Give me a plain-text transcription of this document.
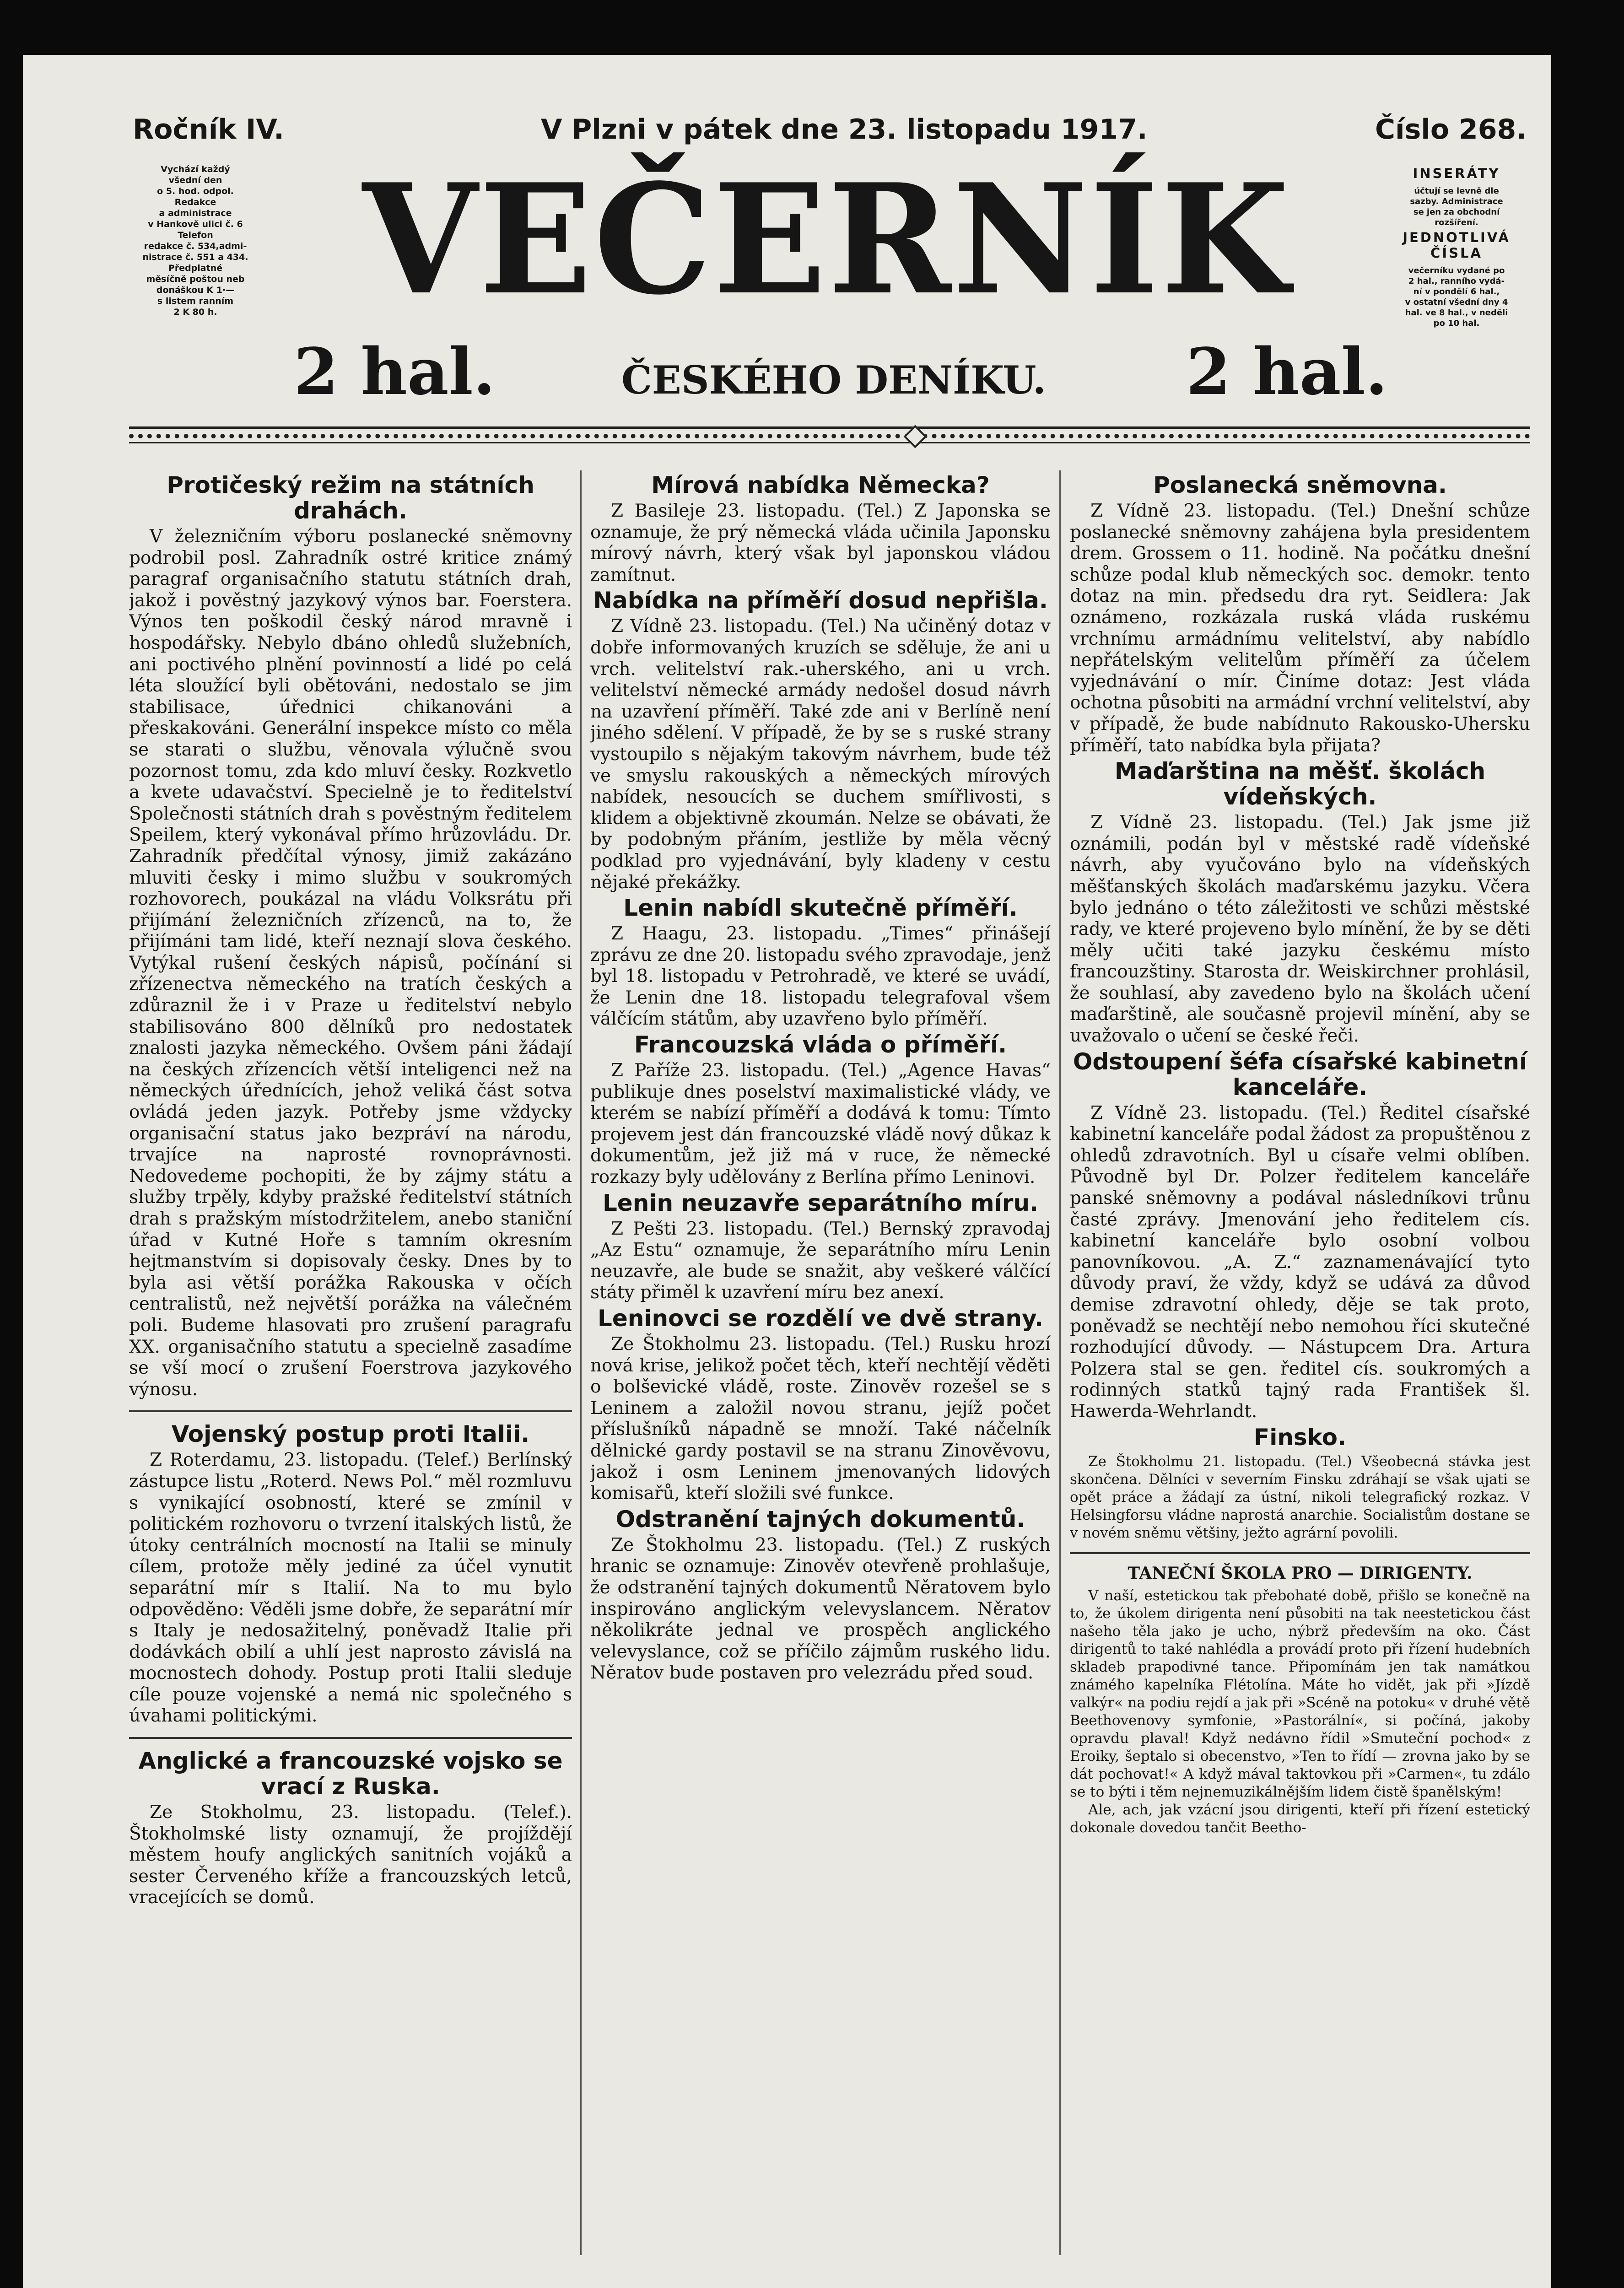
Ročník IV.	V Plzni v pátek dne 23. listopadu 1917.	Číslo 268.

Vychází každý

všední den

o 5. hod. odpol.

Redakce

a administrace

v Hankově ulici č. 6

Telefon

redakce č. 534,admi-

nistrace č. 551 a 434.

Předplatné

měsíčně poštou neb

donáškou K 1·—

s listem ranním

2 K 80 h. VEČERNÍK	INSERÁTY

účtují se levně dle

sazby. Administrace

se jen za obchodní

rozšíření.

JEDNOTLIVÁ ČÍSLA

večerníku vydané po

2 hal., ranního vydá-

ní v pondělí 6 hal.,

v ostatní všední dny 4

hal. ve 8 hal., v neděli

po 10 hal.

2 hal.	ČESKÉHO DENÍKU.	2 hal.
Protičeský režim na státních drahách.

V železničním výboru poslanecké sněmovny podrobil posl. Zahradník ostré kritice známý paragraf organisačního statutu státních drah, jakož i pověstný jazykový výnos bar. Foerstera. Výnos ten poškodil český národ mravně i hospodářsky. Nebylo dbáno ohledů služebních, ani poctivého plnění povinností a lidé po celá léta sloužící byli obětováni, nedostalo se jim stabilisace, úřednici chikanováni a přeskakováni. Generální inspekce místo co měla se starati o službu, věnovala výlučně svou pozornost tomu, zda kdo mluví česky. Rozkvetlo a kvete udavačství. Specielně je to ředitelství Společnosti státních drah s pověstným ředitelem Speilem, který vykonával přímo hrůzovládu. Dr. Zahradník předčítal výnosy, jimiž zakázáno mluviti česky i mimo službu v soukromých rozhovorech, poukázal na vládu Volksrátu při přijímání železničních zřízenců, na to, že přijímáni tam lidé, kteří neznají slova českého. Vytýkal rušení českých nápisů, počínání si zřízenectva německého na tratích českých a zdůraznil že i v Praze u ředitelství nebylo stabilisováno 800 dělníků pro nedostatek znalosti jazyka německého. Ovšem páni žádají na českých zřízencích větší inteligenci než na německých úřednících, jehož veliká část sotva ovládá jeden jazyk. Potřeby jsme vždycky organisační status jako bezpráví na národu, trvajíce na naprosté rovnoprávnosti. Nedovedeme pochopiti, že by zájmy státu a služby trpěly, kdyby pražské ředitelství státních drah s pražským místodržitelem, anebo staniční úřad v Kutné Hoře s tamním okresním hejtmanstvím si dopisovaly česky. Dnes by to byla asi větší porážka Rakouska v očích centralistů, než největší porážka na válečném poli. Budeme hlasovati pro zrušení paragrafu XX. organisačního statutu a specielně zasadíme se vší mocí o zrušení Foerstrova jazykového výnosu.

Vojenský postup proti Italii.

Z Roterdamu, 23. listopadu. (Telef.) Berlínský zástupce listu „Roterd. News Pol.“ měl rozmluvu s vynikající osobností, které se zmínil v politickém rozhovoru o tvrzení italských listů, že útoky centrálních mocností na Italii se minuly cílem, protože měly jediné za účel vynutit separátní mír s Italií. Na to mu bylo odpověděno: Věděli jsme dobře, že separátní mír s Italy je nedosažitelný, poněvadž Italie při dodávkách obilí a uhlí jest naprosto závislá na mocnostech dohody. Postup proti Italii sleduje cíle pouze vojenské a nemá nic společného s úvahami politickými.

Anglické a francouzské vojsko se vrací z Ruska.

Ze Stokholmu, 23. listopadu. (Telef.). Štokholmské listy oznamují, že projíždějí městem houfy anglických sanitních vojáků a sester Červeného kříže a francouzských letců, vracejících se domů.

Mírová nabídka Německa?

Z Basileje 23. listopadu. (Tel.) Z Japonska se oznamuje, že prý německá vláda učinila Japonsku mírový návrh, který však byl japonskou vládou zamítnut.

Nabídka na příměří dosud nepřišla.

Z Vídně 23. listopadu. (Tel.) Na učiněný dotaz v dobře informovaných kruzích se sděluje, že ani u vrch. velitelství rak.-uherského, ani u vrch. velitelství německé armády nedošel dosud návrh na uzavření příměří. Také zde ani v Berlíně není jiného sdělení. V případě, že by se s ruské strany vystoupilo s nějakým takovým návrhem, bude též ve smyslu rakouských a německých mírových nabídek, nesoucích se duchem smířlivosti, s klidem a objektivně zkoumán. Nelze se obávati, že by podobným přáním, jestliže by měla věcný podklad pro vyjednávání, byly kladeny v cestu nějaké překážky.

Lenin nabídl skutečně příměří.

Z Haagu, 23. listopadu. „Times“ přinášejí zprávu ze dne 20. listopadu svého zpravodaje, jenž byl 18. listopadu v Petrohradě, ve které se uvádí, že Lenin dne 18. listopadu telegrafoval všem válčícím státům, aby uzavřeno bylo příměří.

Francouzská vláda o příměří.

Z Paříže 23. listopadu. (Tel.) „Agence Havas“ publikuje dnes poselství maximalistické vlády, ve kterém se nabízí příměří a dodává k tomu: Tímto projevem jest dán francouzské vládě nový důkaz k dokumentům, jež již má v ruce, že německé rozkazy byly udělovány z Berlína přímo Leninovi.

Lenin neuzavře separátního míru.

Z Pešti 23. listopadu. (Tel.) Bernský zpravodaj „Az Estu“ oznamuje, že separátního míru Lenin neuzavře, ale bude se snažit, aby veškeré válčící státy přiměl k uzavření míru bez anexí.

Leninovci se rozdělí ve dvě strany.

Ze Štokholmu 23. listopadu. (Tel.) Rusku hrozí nová krise, jelikož počet těch, kteří nechtějí věděti o bolševické vládě, roste. Zinověv rozešel se s Leninem a založil novou stranu, jejíž počet příslušníků nápadně se množí. Také náčelník dělnické gardy postavil se na stranu Zinověvovu, jakož i osm Leninem jmenovaných lidových komisařů, kteří složili své funkce.

Odstranění tajných dokumentů.

Ze Štokholmu 23. listopadu. (Tel.) Z ruských hranic se oznamuje: Zinověv otevřeně prohlašuje, že odstranění tajných dokumentů Něratovem bylo inspirováno anglickým velevyslancem. Něratov několikráte jednal ve prospěch anglického velevyslance, což se příčilo zájmům ruského lidu. Něratov bude postaven pro velezrádu před soud.

Poslanecká sněmovna.

Z Vídně 23. listopadu. (Tel.) Dnešní schůze poslanecké sněmovny zahájena byla presidentem drem. Grossem o 11. hodině. Na počátku dnešní schůze podal klub německých soc. demokr. tento dotaz na min. předsedu dra ryt. Seidlera: Jak oznámeno, rozkázala ruská vláda ruskému vrchnímu armádnímu velitelství, aby nabídlo nepřátelským velitelům příměří za účelem vyjednávání o mír. Činíme dotaz: Jest vláda ochotna působiti na armádní vrchní velitelství, aby v případě, že bude nabídnuto Rakousko-Uhersku příměří, tato nabídka byla přijata?

Maďarština na měšť. školách vídeňských.

Z Vídně 23. listopadu. (Tel.) Jak jsme již oznámili, podán byl v městské radě vídeňské návrh, aby vyučováno bylo na vídeňských měšťanských školách maďarskému jazyku. Včera bylo jednáno o této záležitosti ve schůzi městské rady, ve které projeveno bylo mínění, že by se děti měly učiti také jazyku českému místo francouzštiny. Starosta dr. Weiskirchner prohlásil, že souhlasí, aby zavedeno bylo na školách učení maďarštině, ale současně projevil mínění, aby se uvažovalo o učení se české řeči.

Odstoupení šéfa císařské kabinetní kanceláře.

Z Vídně 23. listopadu. (Tel.) Ředitel císařské kabinetní kanceláře podal žádost za propuštěnou z ohledů zdravotních. Byl u císaře velmi oblíben. Původně byl Dr. Polzer ředitelem kanceláře panské sněmovny a podával následníkovi trůnu časté zprávy. Jmenování jeho ředitelem cís. kabinetní kanceláře bylo osobní volbou panovníkovou. „A. Z.“ zaznamenávající tyto důvody praví, že vždy, když se udává za důvod demise zdravotní ohledy, děje se tak proto, poněvadž se nechtějí nebo nemohou říci skutečné rozhodující důvody. — Nástupcem Dra. Artura Polzera stal se gen. ředitel cís. soukromých a rodinných statků tajný rada František šl. Hawerda-Wehrlandt.

Finsko.

Ze Štokholmu 21. listopadu. (Tel.) Všeobecná stávka jest skončena. Dělníci v severním Finsku zdráhají se však ujati se opět práce a žádají za ústní, nikoli telegrafický rozkaz. V Helsingforsu vládne naprostá anarchie. Socialistům dostane se v novém sněmu většiny, ježto agrární povolili.

TANEČNÍ ŠKOLA PRO — DIRIGENTY.

V naší, estetickou tak přebohaté době, přišlo se konečně na to, že úkolem dirigenta není působiti na tak neestetickou část našeho těla jako je ucho, nýbrž především na oko. Část dirigentů to také nahlédla a provádí proto při řízení hudebních skladeb prapodivné tance. Připomínám jen tak namátkou známého kapelníka Flétolína. Máte ho vidět, jak při »Jízdě valkýr« na podiu rejdí a jak při »Scéně na potoku« v druhé větě Beethovenovy symfonie, »Pastorální«, si počíná, jakoby opravdu plaval! Když nedávno řídil »Smuteční pochod« z Eroiky, šeptalo si obecenstvo, »Ten to řídí — zrovna jako by se dát pochovat!« A když mával taktovkou při »Carmen«, tu zdálo se to býti i těm nejnemuzikálnějším lidem čistě španělským!

Ale, ach, jak vzácní jsou dirigenti, kteří při řízení estetický dokonale dovedou tančit Beetho-
